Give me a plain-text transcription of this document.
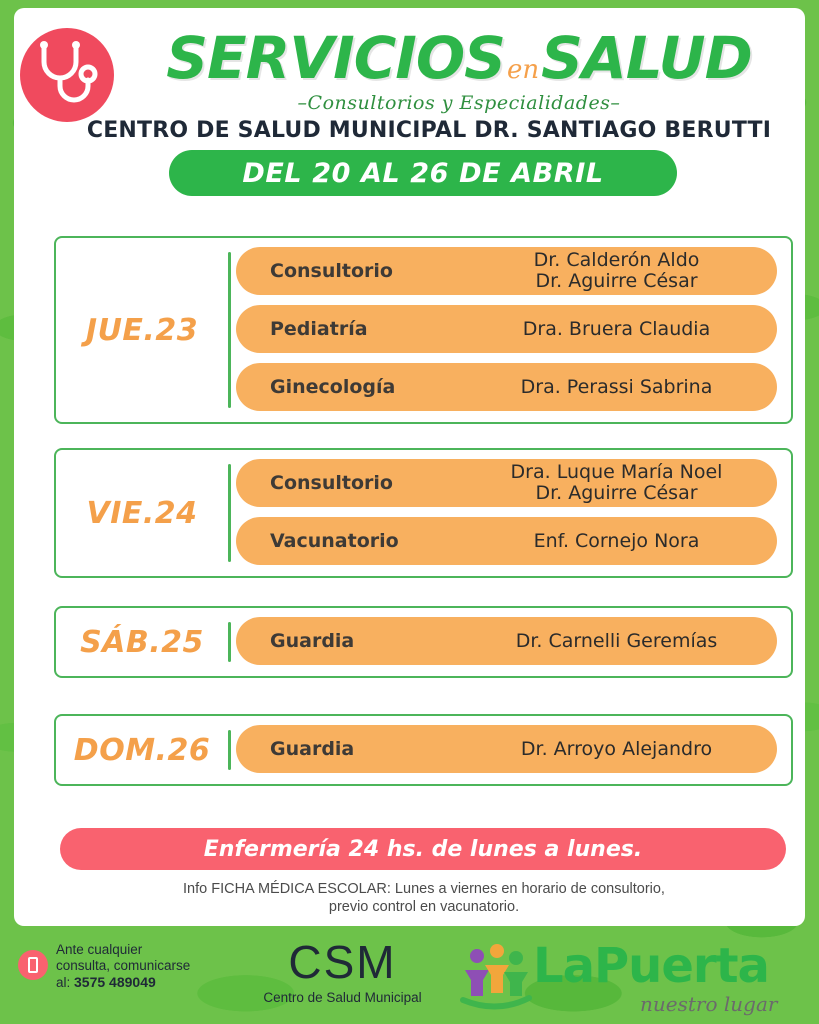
SERVICIOSenSALUD
–Consultorios y Especialidades–
CENTRO DE SALUD MUNICIPAL DR. SANTIAGO BERUTTI
DEL 20 AL 26 DE ABRIL
JUE.23
Consultorio	Dr. Calderón Aldo
Dr. Aguirre César
Pediatría	Dra. Bruera Claudia
Ginecología	Dra. Perassi Sabrina
VIE.24
Consultorio	Dra. Luque María Noel
Dr. Aguirre César
Vacunatorio	Enf. Cornejo Nora
SÁB.25	Guardia	Dr. Carnelli Geremías
DOM.26	Guardia	Dr. Arroyo Alejandro
Enfermería 24 hs. de lunes a lunes.
Info FICHA MÉDICA ESCOLAR: Lunes a viernes en horario de consultorio,
previo control en vacunatorio.
Ante cualquier
consulta, comunicarse
al: 3575 489049	CSM
Centro de Salud Municipal
LaPuerta
nuestro lugar
